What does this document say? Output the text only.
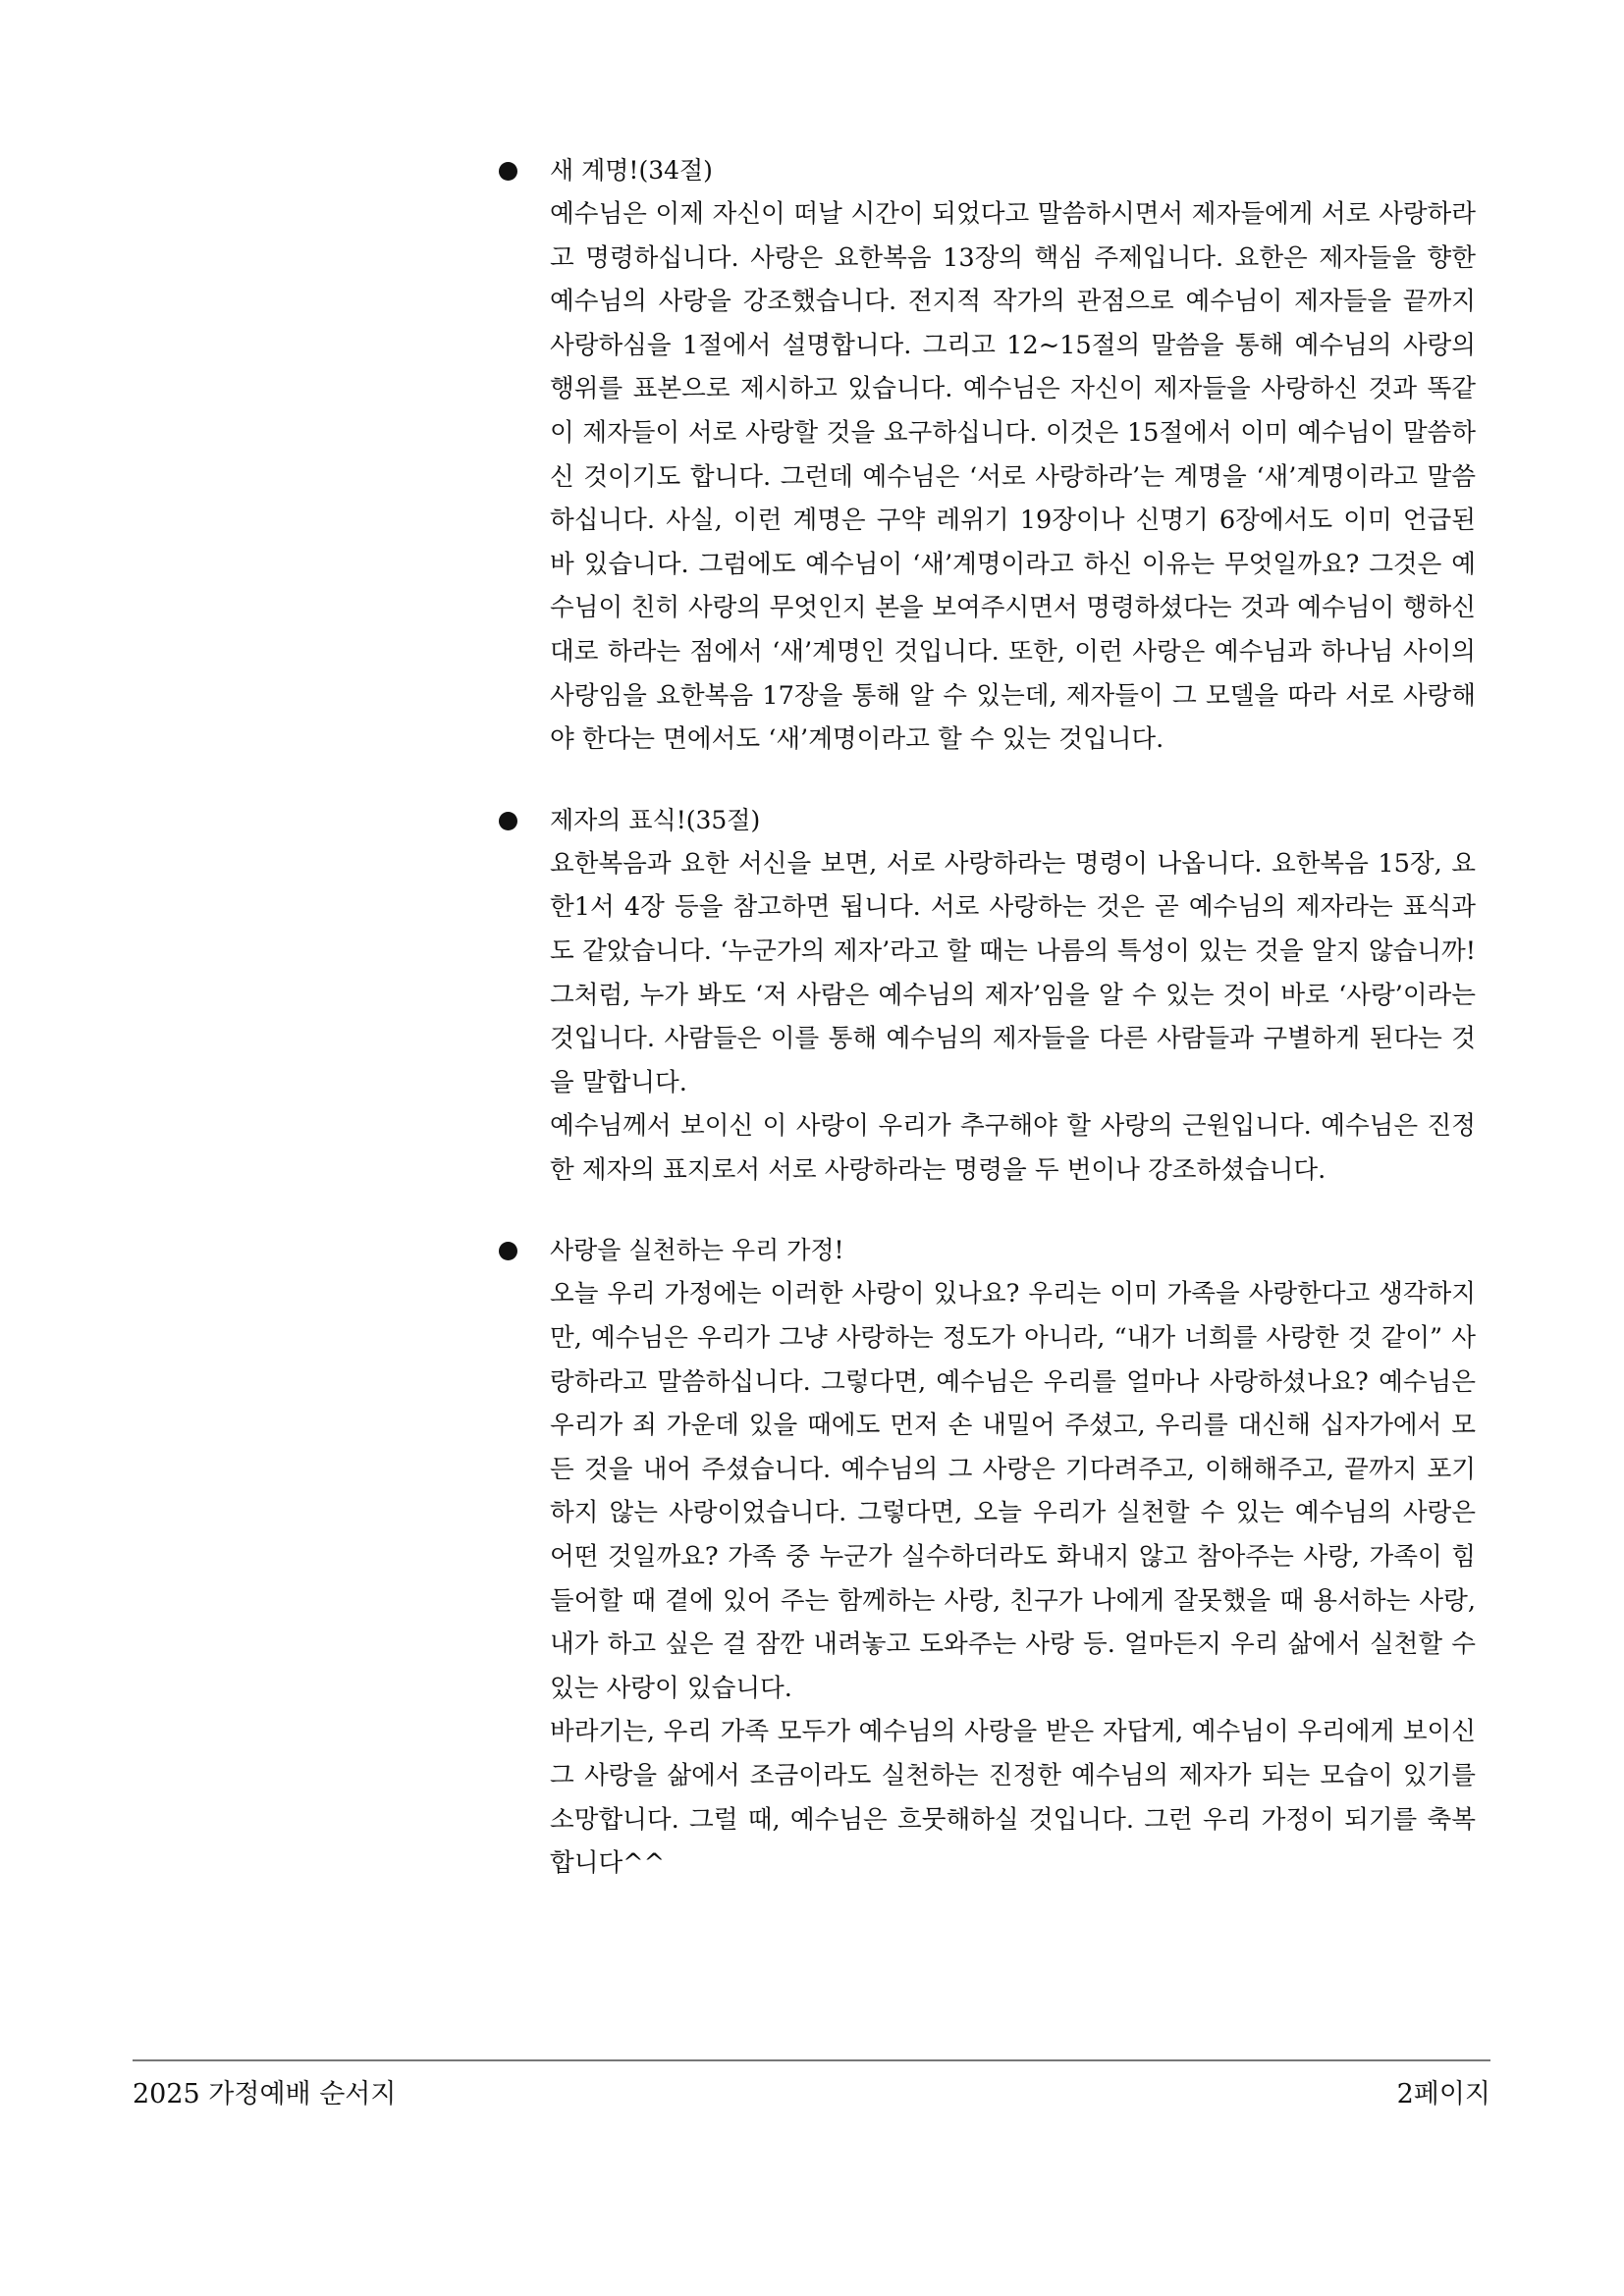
새 계명!(34절)
예수님은 이제 자신이 떠날 시간이 되었다고 말씀하시면서 제자들에게 서로 사랑하라고 명령하십니다. 사랑은 요한복음 13장의 핵심 주제입니다. 요한은 제자들을 향한 예수님의 사랑을 강조했습니다. 전지적 작가의 관점으로 예수님이 제자들을 끝까지 사랑하심을 1절에서 설명합니다. 그리고 12~15절의 말씀을 통해 예수님의 사랑의 행위를 표본으로 제시하고 있습니다. 예수님은 자신이 제자들을 사랑하신 것과 똑같이 제자들이 서로 사랑할 것을 요구하십니다. 이것은 15절에서 이미 예수님이 말씀하신 것이기도 합니다. 그런데 예수님은 ‘서로 사랑하라’는 계명을 ‘새’계명이라고 말씀하십니다. 사실, 이런 계명은 구약 레위기 19장이나 신명기 6장에서도 이미 언급된 바 있습니다. 그럼에도 예수님이 ‘새’계명이라고 하신 이유는 무엇일까요? 그것은 예수님이 친히 사랑의 무엇인지 본을 보여주시면서 명령하셨다는 것과 예수님이 행하신 대로 하라는 점에서 ‘새’계명인 것입니다. 또한, 이런 사랑은 예수님과 하나님 사이의 사랑임을 요한복음 17장을 통해 알 수 있는데, 제자들이 그 모델을 따라 서로 사랑해야 한다는 면에서도 ‘새’계명이라고 할 수 있는 것입니다.
제자의 표식!(35절)
요한복음과 요한 서신을 보면, 서로 사랑하라는 명령이 나옵니다. 요한복음 15장, 요한1서 4장 등을 참고하면 됩니다. 서로 사랑하는 것은 곧 예수님의 제자라는 표식과도 같았습니다. ‘누군가의 제자’라고 할 때는 나름의 특성이 있는 것을 알지 않습니까! 그처럼, 누가 봐도 ‘저 사람은 예수님의 제자’임을 알 수 있는 것이 바로 ‘사랑’이라는 것입니다. 사람들은 이를 통해 예수님의 제자들을 다른 사람들과 구별하게 된다는 것을 말합니다.
예수님께서 보이신 이 사랑이 우리가 추구해야 할 사랑의 근원입니다. 예수님은 진정한 제자의 표지로서 서로 사랑하라는 명령을 두 번이나 강조하셨습니다.
사랑을 실천하는 우리 가정!
오늘 우리 가정에는 이러한 사랑이 있나요? 우리는 이미 가족을 사랑한다고 생각하지만, 예수님은 우리가 그냥 사랑하는 정도가 아니라, “내가 너희를 사랑한 것 같이” 사랑하라고 말씀하십니다. 그렇다면, 예수님은 우리를 얼마나 사랑하셨나요? 예수님은 우리가 죄 가운데 있을 때에도 먼저 손 내밀어 주셨고, 우리를 대신해 십자가에서 모든 것을 내어 주셨습니다. 예수님의 그 사랑은 기다려주고, 이해해주고, 끝까지 포기하지 않는 사랑이었습니다. 그렇다면, 오늘 우리가 실천할 수 있는 예수님의 사랑은 어떤 것일까요? 가족 중 누군가 실수하더라도 화내지 않고 참아주는 사랑, 가족이 힘들어할 때 곁에 있어 주는 함께하는 사랑, 친구가 나에게 잘못했을 때 용서하는 사랑, 내가 하고 싶은 걸 잠깐 내려놓고 도와주는 사랑 등. 얼마든지 우리 삶에서 실천할 수 있는 사랑이 있습니다.
바라기는, 우리 가족 모두가 예수님의 사랑을 받은 자답게, 예수님이 우리에게 보이신 그 사랑을 삶에서 조금이라도 실천하는 진정한 예수님의 제자가 되는 모습이 있기를 소망합니다. 그럴 때, 예수님은 흐뭇해하실 것입니다. 그런 우리 가정이 되기를 축복합니다^^
2025 가정예배 순서지	2페이지
